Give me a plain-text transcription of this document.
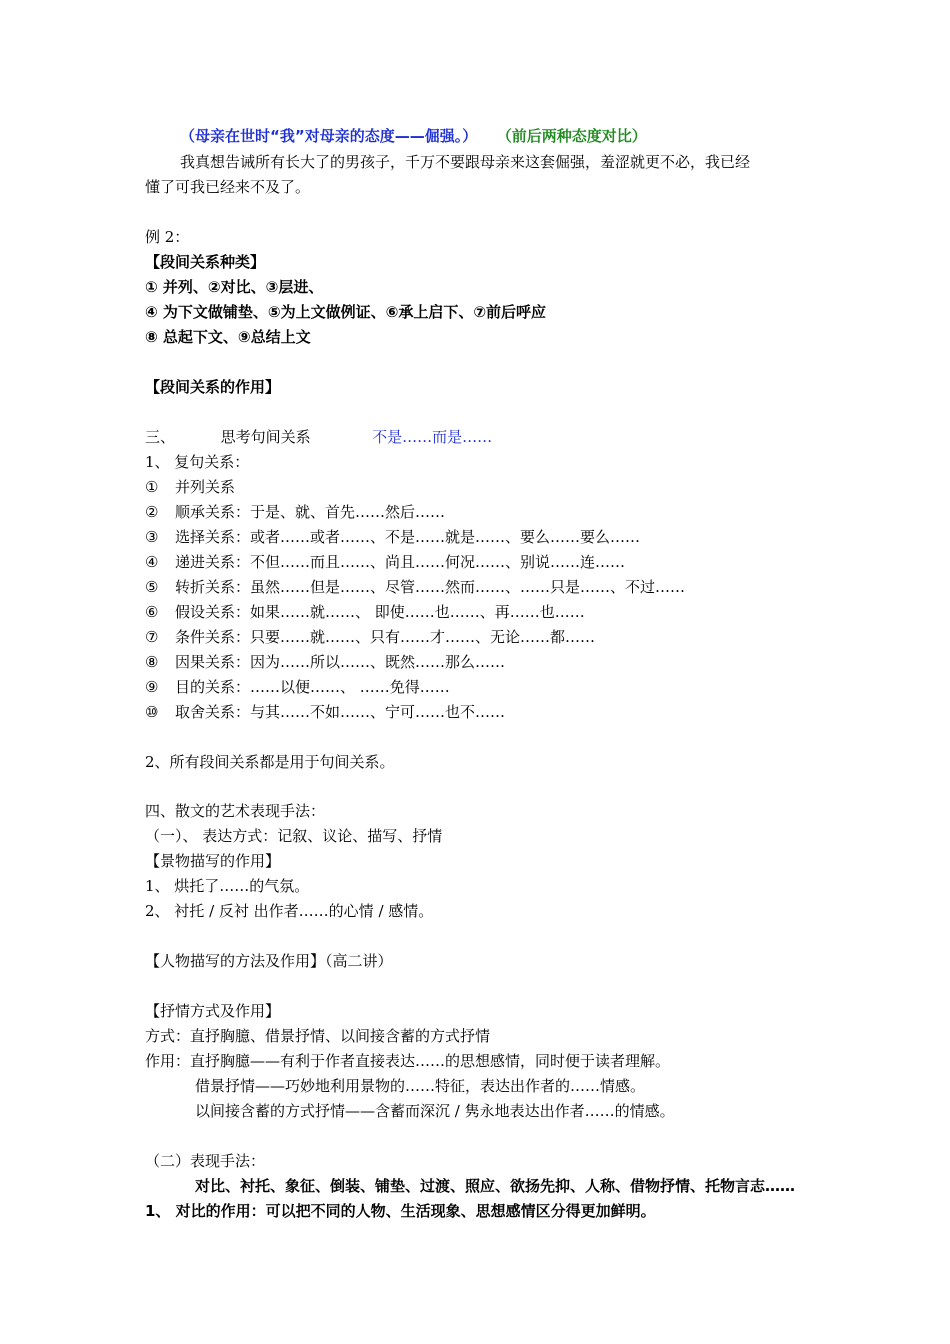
（母亲在世时“我”对母亲的态度——倔强。） （前后两种态度对比）
我真想告诫所有长大了的男孩子，千万不要跟母亲来这套倔强，羞涩就更不必，我已经
懂了可我已经来不及了。
例 2：
【段间关系种类】
① 并列、②对比、③层进、
④ 为下文做铺垫、⑤为上文做例证、⑥承上启下、⑦前后呼应
⑧ 总起下文、⑨总结上文
【段间关系的作用】
三、	思考句间关系	不是……而是……
1、 复句关系：
① 并列关系
② 顺承关系：于是、就、首先……然后……
③ 选择关系：或者……或者……、不是……就是……、要么……要么……
④ 递进关系：不但……而且……、尚且……何况……、别说……连……
⑤ 转折关系：虽然……但是……、尽管……然而……、……只是……、不过……
⑥ 假设关系：如果……就……、 即使……也……、再……也……
⑦ 条件关系：只要……就……、只有……才……、无论……都……
⑧ 因果关系：因为……所以……、既然……那么……
⑨ 目的关系：……以便……、 ……免得……
⑩ 取舍关系：与其……不如……、宁可……也不……
2、所有段间关系都是用于句间关系。
四、散文的艺术表现手法：
（一）、 表达方式：记叙、议论、描写、抒情
【景物描写的作用】
1、 烘托了……的气氛。
2、 衬托 / 反衬 出作者……的心情 / 感情。
【人物描写的方法及作用】（高二讲）
【抒情方式及作用】
方式：直抒胸臆、借景抒情、以间接含蓄的方式抒情
作用：直抒胸臆——有利于作者直接表达……的思想感情，同时便于读者理解。
借景抒情——巧妙地利用景物的……特征，表达出作者的……情感。
以间接含蓄的方式抒情——含蓄而深沉 / 隽永地表达出作者……的情感。
（二）表现手法：
对比、衬托、象征、倒装、铺垫、过渡、照应、欲扬先抑、人称、借物抒情、托物言志……
1、 对比的作用：可以把不同的人物、生活现象、思想感情区分得更加鲜明。
